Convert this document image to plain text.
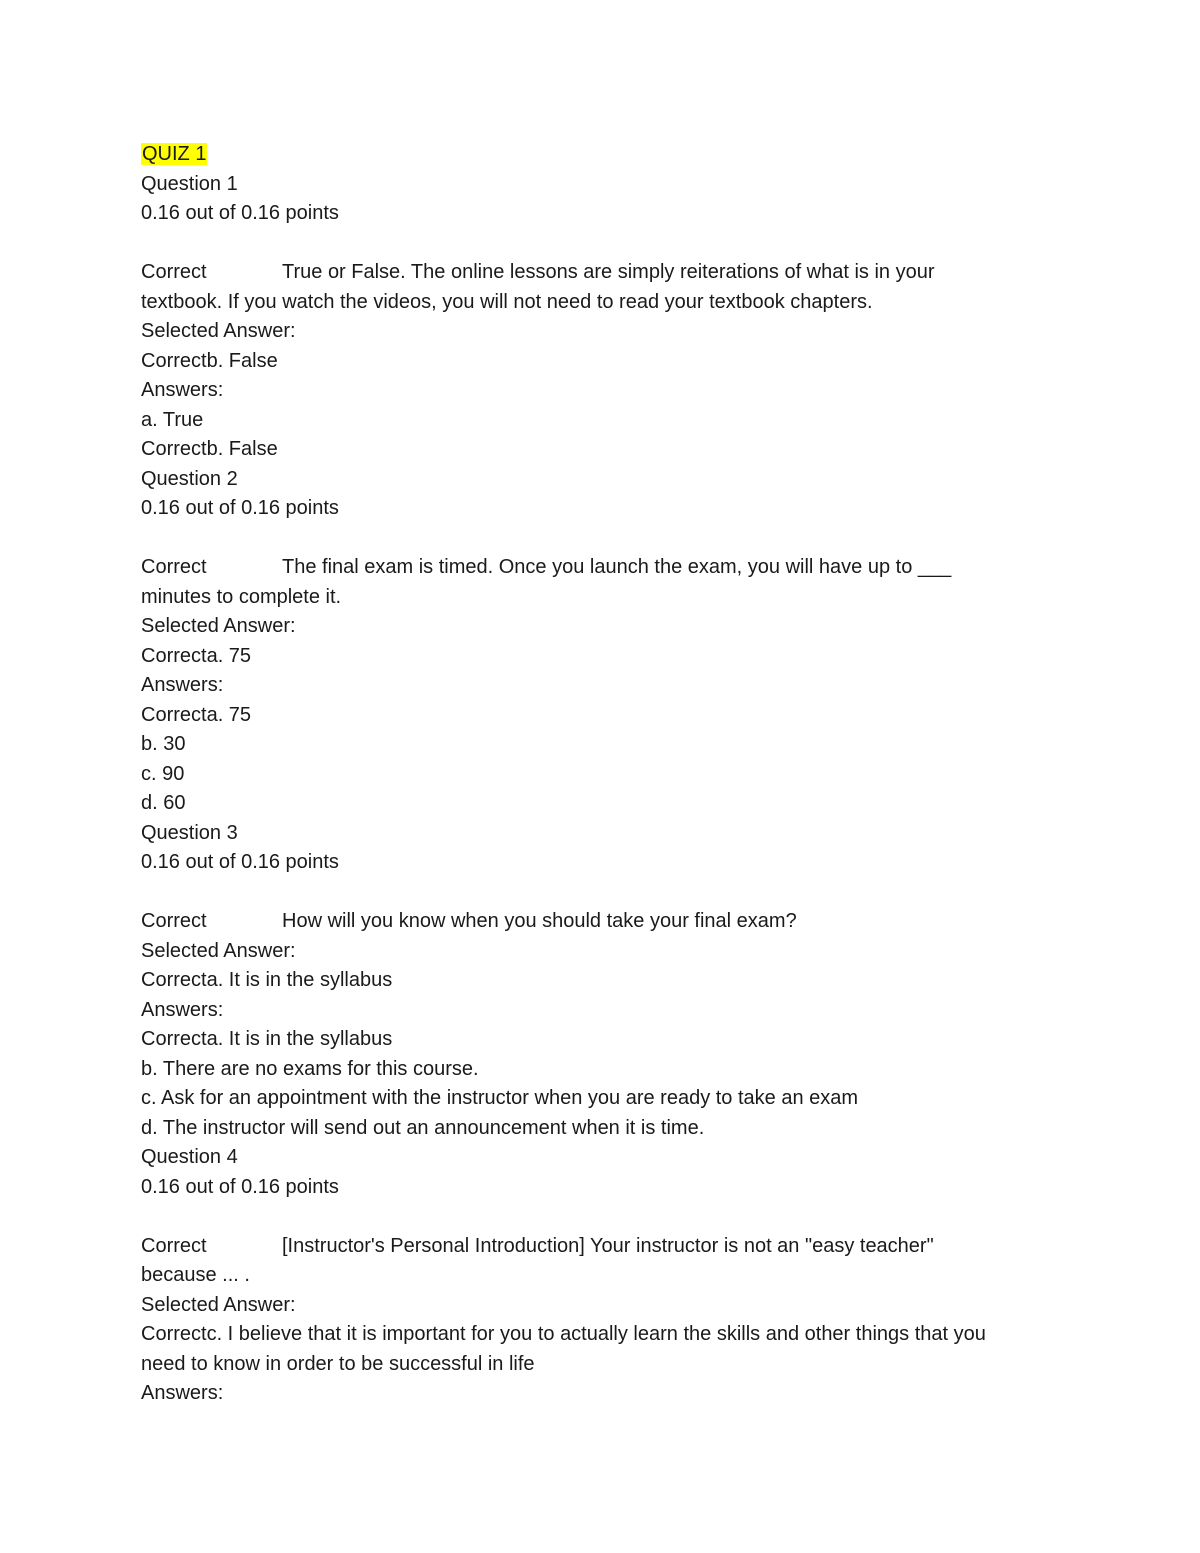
QUIZ 1
Question 1
0.16 out of 0.16 points
Correct	True or False. The online lessons are simply reiterations of what is in your
textbook. If you watch the videos, you will not need to read your textbook chapters.
Selected Answer:
Correctb. False
Answers:
a. True
Correctb. False
Question 2
0.16 out of 0.16 points
Correct	The final exam is timed. Once you launch the exam, you will have up to ___
minutes to complete it.
Selected Answer:
Correcta. 75
Answers:
Correcta. 75
b. 30
c. 90
d. 60
Question 3
0.16 out of 0.16 points
Correct	How will you know when you should take your final exam?
Selected Answer:
Correcta. It is in the syllabus
Answers:
Correcta. It is in the syllabus
b. There are no exams for this course.
c. Ask for an appointment with the instructor when you are ready to take an exam
d. The instructor will send out an announcement when it is time.
Question 4
0.16 out of 0.16 points
Correct	[Instructor's Personal Introduction] Your instructor is not an "easy teacher"
because ... .
Selected Answer:
Correctc. I believe that it is important for you to actually learn the skills and other things that you
need to know in order to be successful in life
Answers:
